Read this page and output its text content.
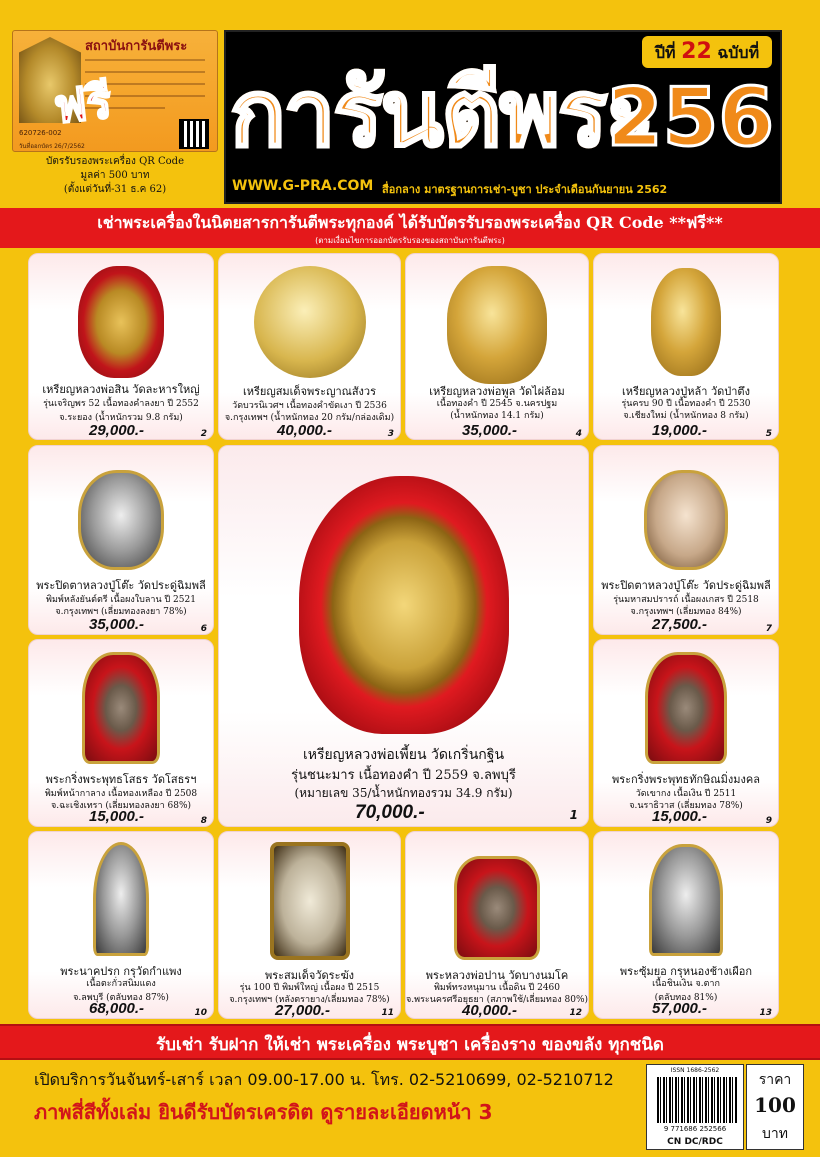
สถาบันการันตีพระ
620726-002
วันที่ออกบัตร 26/7/2562
ฟรี
บัตรรับรองพระเครื่อง QR Code
มูลค่า 500 บาท
(ตั้งแต่วันที่-31 ธ.ค 62)
ปีที่ 22 ฉบับที่
การันตีพระ
256
WWW.G-PRA.COM สื่อกลาง มาตรฐานการเช่า-บูชา ประจำเดือนกันยายน 2562
เช่าพระเครื่องในนิตยสารการันตีพระทุกองค์ ได้รับบัตรรับรองพระเครื่อง QR Code **ฟรี**
(ตามเงื่อนไขการออกบัตรรับรองของสถาบันการันตีพระ)
เหรียญหลวงพ่อสิน วัดละหารใหญ่
รุ่นเจริญพร 52 เนื้อทองคำลงยา ปี 2552
จ.ระยอง (น้ำหนักรวม 9.8 กรัม)
29,000.-	2
เหรียญสมเด็จพระญาณสังวร
วัดบวรนิเวศฯ เนื้อทองคำขัดเงา ปี 2536
จ.กรุงเทพฯ (น้ำหนักทอง 20 กรัม/กล่องเดิม)
40,000.-	3
เหรียญหลวงพ่อพูล วัดไผ่ล้อม
เนื้อทองคำ ปี 2545 จ.นครปฐม
(น้ำหนักทอง 14.1 กรัม)
35,000.-	4
เหรียญหลวงปู่หล้า วัดป่าตึง
รุ่นครบ 90 ปี เนื้อทองคำ ปี 2530
จ.เชียงใหม่ (น้ำหนักทอง 8 กรัม)
19,000.-	5
พระปิดตาหลวงปู่โต๊ะ วัดประดู่ฉิมพลี
พิมพ์หลังยันต์ตรี เนื้อผงใบลาน ปี 2521
จ.กรุงเทพฯ (เลี่ยมทองลงยา 78%)
35,000.-	6
พระปิดตาหลวงปู่โต๊ะ วัดประดู่ฉิมพลี
รุ่นมหาสมปรารถ์ เนื้อผงเกสร ปี 2518
จ.กรุงเทพฯ (เลี่ยมทอง 84%)
27,500.-	7
เหรียญหลวงพ่อเพี้ยน วัดเกริ่นกฐิน
รุ่นชนะมาร เนื้อทองคำ ปี 2559 จ.ลพบุรี
(หมายเลข 35/น้ำหนักทองรวม 34.9 กรัม)
70,000.-	1
พระกริ่งพระพุทธโสธร วัดโสธรฯ
พิมพ์หน้ากาลาง เนื้อทองเหลือง ปี 2508
จ.ฉะเชิงเทรา (เลี่ยมทองลงยา 68%)
15,000.-	8
พระกริ่งพระพุทธทักษิณมิ่งมงคล
วัดเขากง เนื้อเงิน ปี 2511
จ.นราธิวาส (เลี่ยมทอง 78%)
15,000.-	9
พระนาคปรก กรุวัดกำแพง
เนื้อตะกั่วสนิมแดง
จ.ลพบุรี (ตลับทอง 87%)
68,000.-	10
พระสมเด็จวัดระฆัง
รุ่น 100 ปี พิมพ์ใหญ่ เนื้อผง ปี 2515
จ.กรุงเทพฯ (หลังตรายาง/เลี่ยมทอง 78%)
27,000.-	11
พระหลวงพ่อปาน วัดบางนมโค
พิมพ์ทรงหนุมาน เนื้อดิน ปี 2460
จ.พระนครศรีอยุธยา (สภาพใช้/เลี่ยมทอง 80%)
40,000.-	12
พระซุ้มยอ กรุหนองช้างเผือก
เนื้อชินเงิน จ.ตาก
(ตลับทอง 81%)
57,000.-	13
รับเช่า รับฝาก ให้เช่า พระเครื่อง พระบูชา เครื่องราง ของขลัง ทุกชนิด
เปิดบริการวันจันทร์-เสาร์ เวลา 09.00-17.00 น. โทร. 02-5210699, 02-5210712
ภาพสี่สีทั้งเล่ม ยินดีรับบัตรเครดิต ดูรายละเอียดหน้า 3
ISSN 1686-2562
9 771686 252566
CN DC/RDC
ราคา
100
บาท
